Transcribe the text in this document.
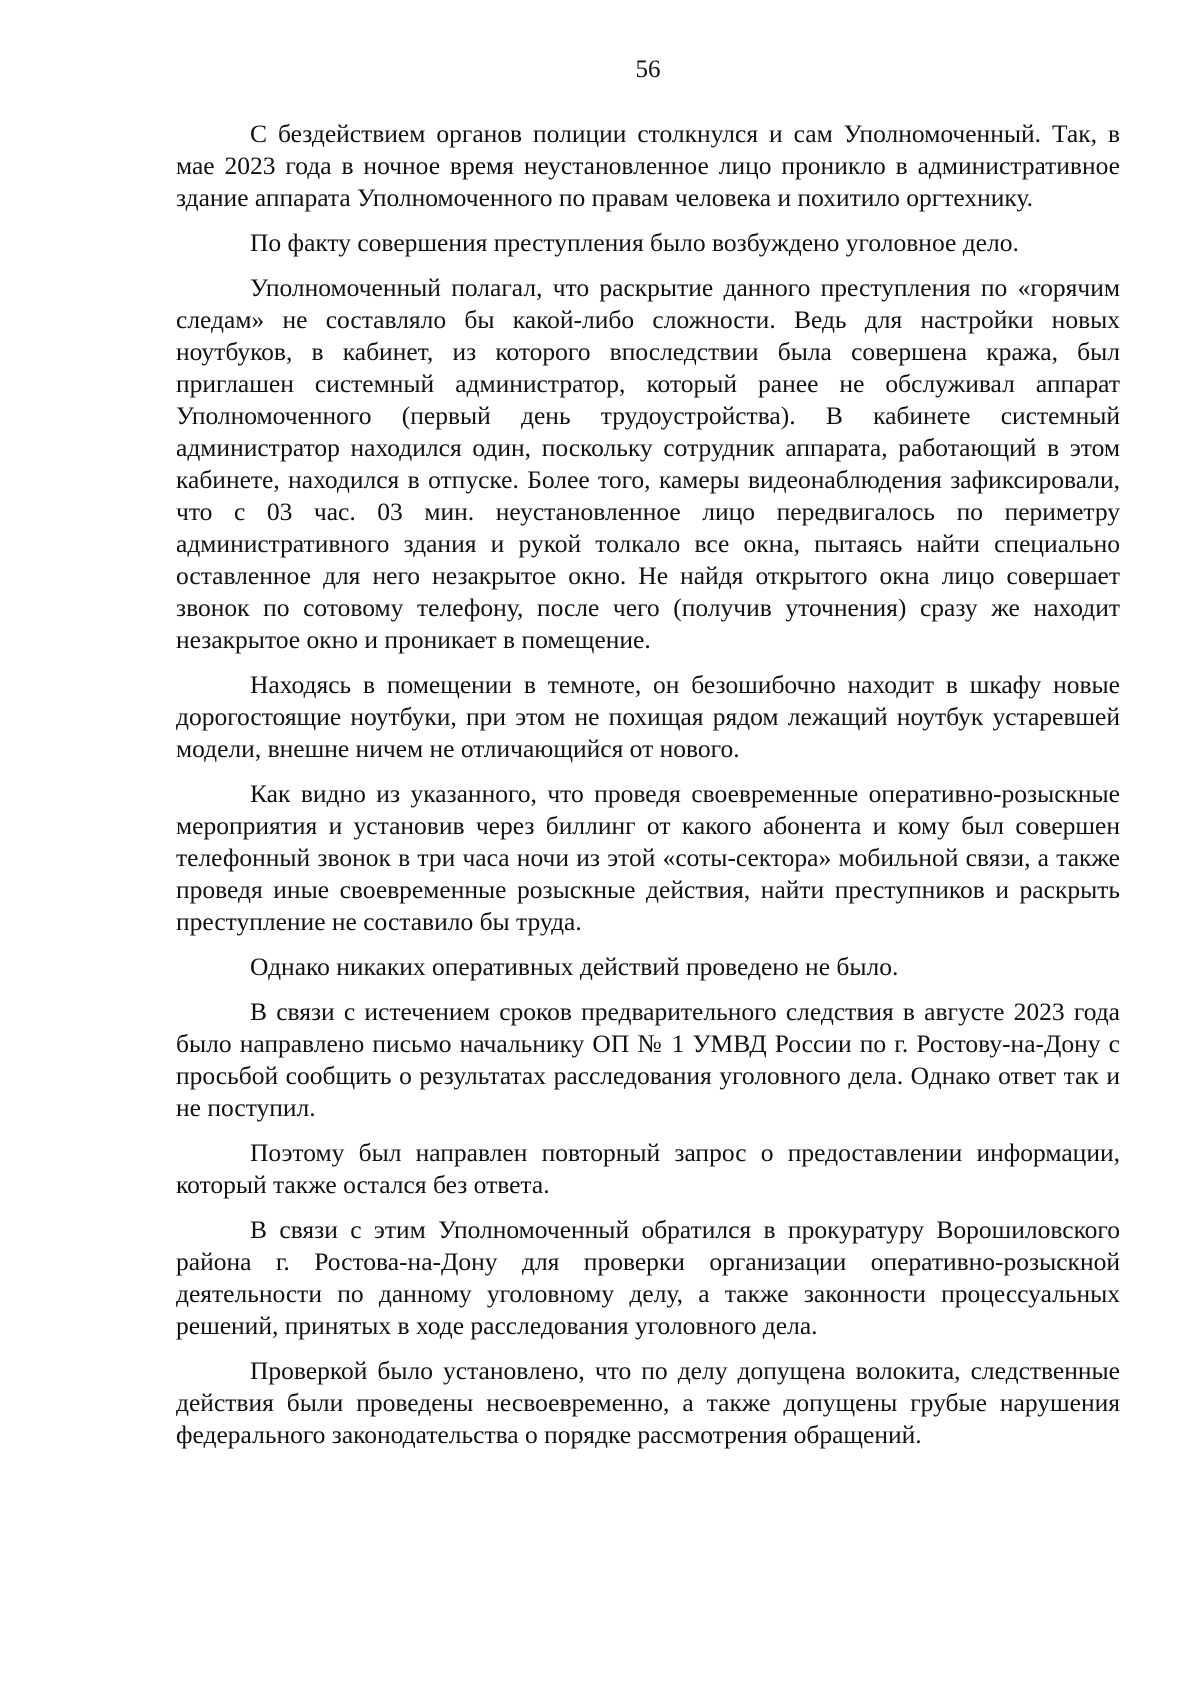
56

С бездействием органов полиции столкнулся и сам Уполномоченный. Так, в мае 2023 года в ночное время неустановленное лицо проникло в административное здание аппарата Уполномоченного по правам человека и похитило оргтехнику.

По факту совершения преступления было возбуждено уголовное дело.

Уполномоченный полагал, что раскрытие данного преступления по «горячим следам» не составляло бы какой-либо сложности. Ведь для настройки новых ноутбуков, в кабинет, из которого впоследствии была совершена кража, был приглашен системный администратор, который ранее не обслуживал аппарат Уполномоченного (первый день трудоустройства). В кабинете системный администратор находился один, поскольку сотрудник аппарата, работающий в этом кабинете, находился в отпуске. Более того, камеры видеонаблюдения зафиксировали, что с 03 час. 03 мин. неустановленное лицо передвигалось по периметру административного здания и рукой толкало все окна, пытаясь найти специально оставленное для него незакрытое окно. Не найдя открытого окна лицо совершает звонок по сотовому телефону, после чего (получив уточнения) сразу же находит незакрытое окно и проникает в помещение.

Находясь в помещении в темноте, он безошибочно находит в шкафу новые дорогостоящие ноутбуки, при этом не похищая рядом лежащий ноутбук устаревшей модели, внешне ничем не отличающийся от нового.

Как видно из указанного, что проведя своевременные оперативно-розыскные мероприятия и установив через биллинг от какого абонента и кому был совершен телефонный звонок в три часа ночи из этой «соты-сектора» мобильной связи, а также проведя иные своевременные розыскные действия, найти преступников и раскрыть преступление не составило бы труда.

Однако никаких оперативных действий проведено не было.

В связи с истечением сроков предварительного следствия в августе 2023 года было направлено письмо начальнику ОП № 1 УМВД России по г. Ростову-на-Дону с просьбой сообщить о результатах расследования уголовного дела. Однако ответ так и не поступил.

Поэтому был направлен повторный запрос о предоставлении информации, который также остался без ответа.

В связи с этим Уполномоченный обратился в прокуратуру Ворошиловского района г. Ростова-на-Дону для проверки организации оперативно-розыскной деятельности по данному уголовному делу, а также законности процессуальных решений, принятых в ходе расследования уголовного дела.

Проверкой было установлено, что по делу допущена волокита, следственные действия были проведены несвоевременно, а также допущены грубые нарушения федерального законодательства о порядке рассмотрения обращений.
